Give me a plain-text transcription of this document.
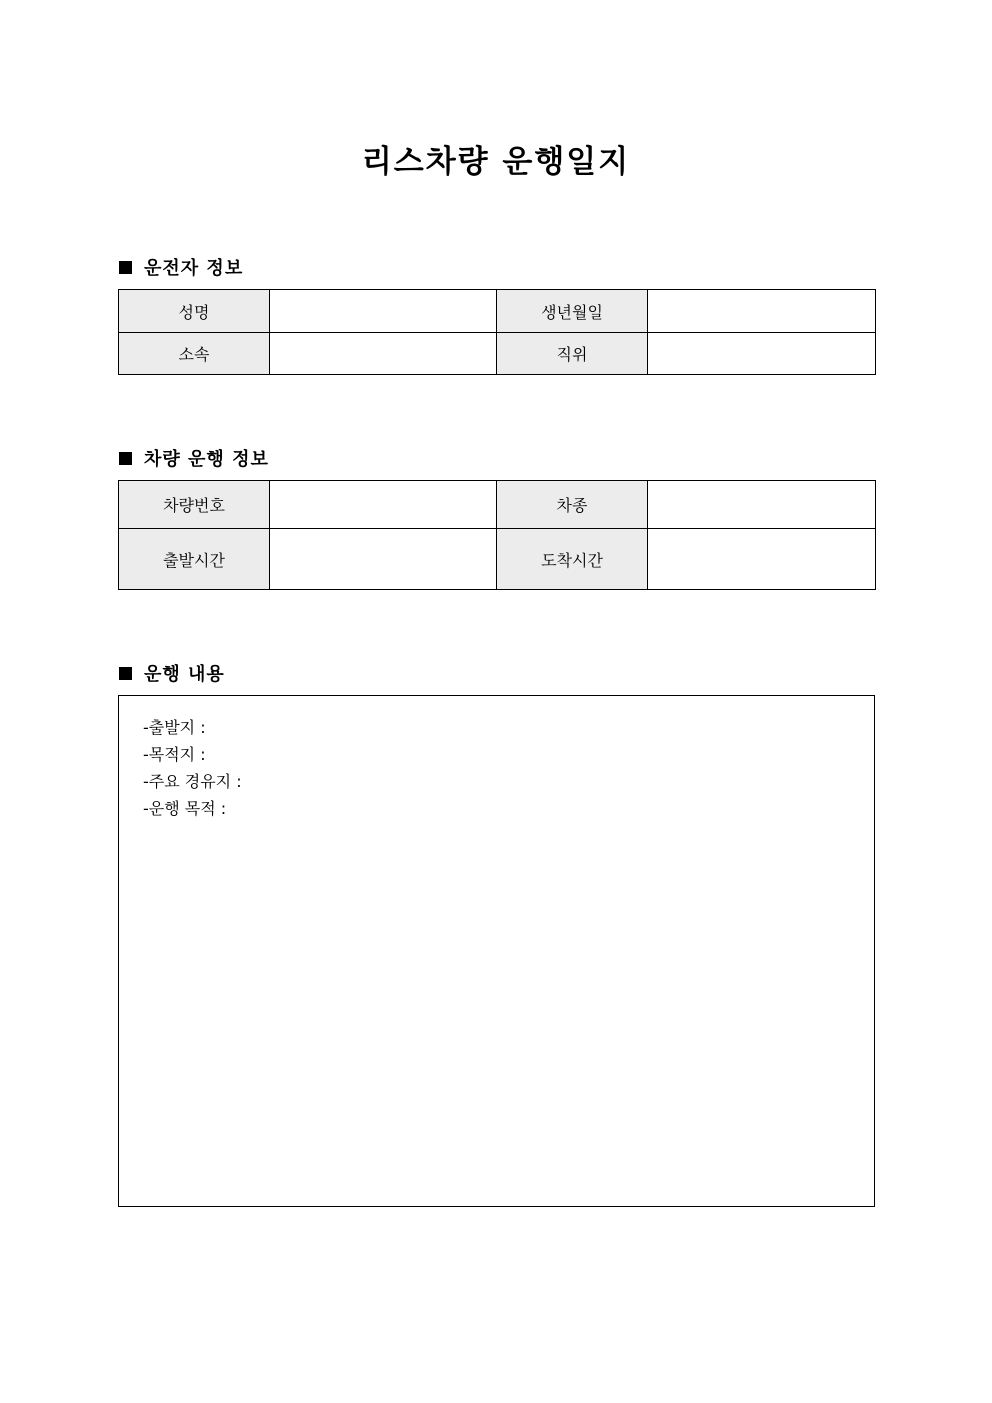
리스차량 운행일지
운전자 정보
성명		생년월일	
소속		직위	
차량 운행 정보
차량번호		차종	
출발시간		도착시간	
운행 내용
-출발지 :
-목적지 :
-주요 경유지 :
-운행 목적 :
